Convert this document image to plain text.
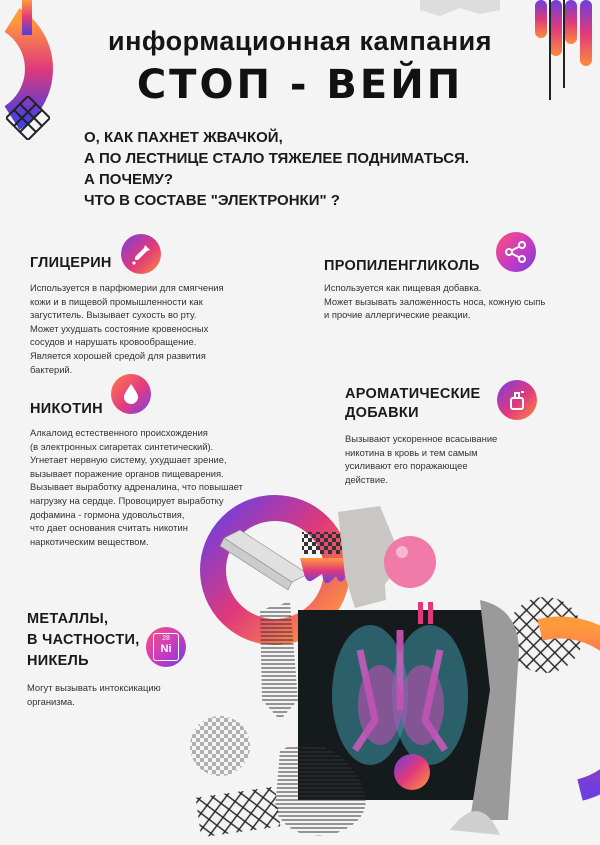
информационная кампания
СТОП - ВЕЙП
О, КАК ПАХНЕТ ЖВАЧКОЙ,
А ПО ЛЕСТНИЦЕ СТАЛО ТЯЖЕЛЕЕ ПОДНИМАТЬСЯ.
А ПОЧЕМУ?
ЧТО В СОСТАВЕ "ЭЛЕКТРОНКИ" ?
ГЛИЦЕРИН
Используется в парфюмерии для смягчения
кожи и в пищевой промышленности как
загуститель. Вызывает сухость во рту.
Может ухудшать состояние кровеносных
сосудов и нарушать кровообращение.
Является хорошей средой для развития
бактерий.
ПРОПИЛЕНГЛИКОЛЬ
Используется как пищевая добавка.
Может вызывать заложенность носа, кожную сыпь
и прочие аллергические реакции.
НИКОТИН
Алкалоид естественного происхождения
(в электронных сигаретах синтетический).
Угнетает нервную систему, ухудшает зрение,
вызывает поражение органов пищеварения.
Вызывает выработку адреналина, что повышает
нагрузку на сердце. Провоцирует выработку
дофамина - гормона удовольствия,
что дает основания считать никотин
наркотическим веществом.
АРОМАТИЧЕСКИЕ
ДОБАВКИ
Вызывают ускоренное всасывание
никотина в кровь и тем самым
усиливают его поражающее
действие.
МЕТАЛЛЫ,
В ЧАСТНОСТИ,
НИКЕЛЬ
28
Ni
Могут вызывать интоксикацию
организма.
